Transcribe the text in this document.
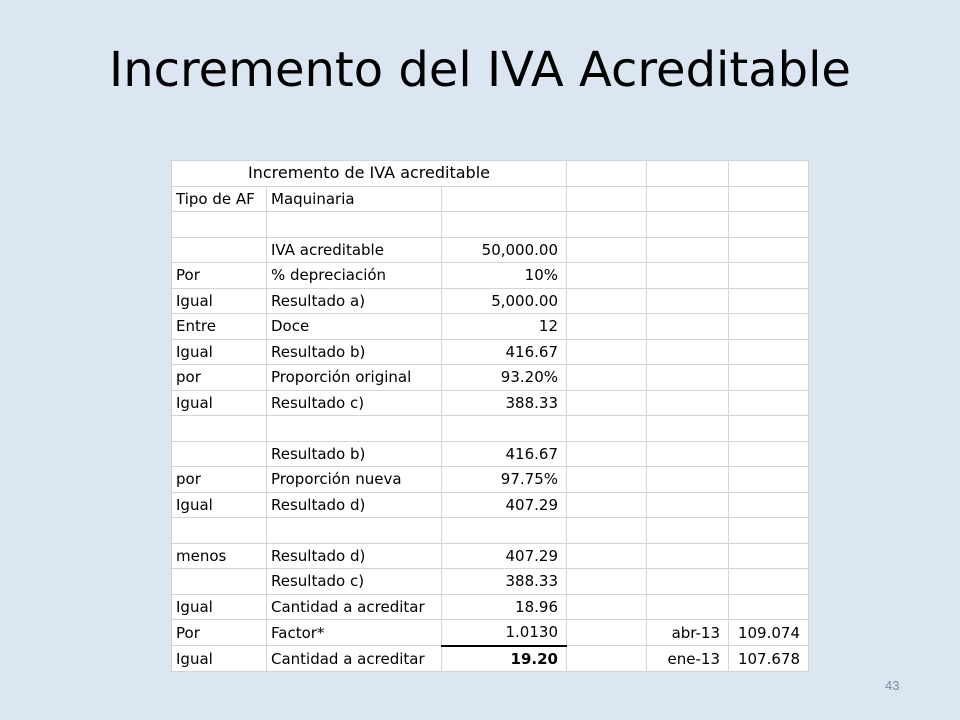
Incremento del IVA Acreditable
Incremento de IVA acreditable					
Tipo de AF	Maquinaria				

	IVA acreditable	50,000.00			
Por	% depreciación	10%			
Igual	Resultado a)	5,000.00			
Entre	Doce	12			
Igual	Resultado b)	416.67			
por	Proporción original	93.20%			
Igual	Resultado c)	388.33			

	Resultado b)	416.67			
por	Proporción nueva	97.75%			
Igual	Resultado d)	407.29			

menos	Resultado d)	407.29			
	Resultado c)	388.33			
Igual	Cantidad a acreditar	18.96			
Por	Factor*	1.0130		abr-13	109.074
Igual	Cantidad a acreditar	19.20		ene-13	107.678
43
